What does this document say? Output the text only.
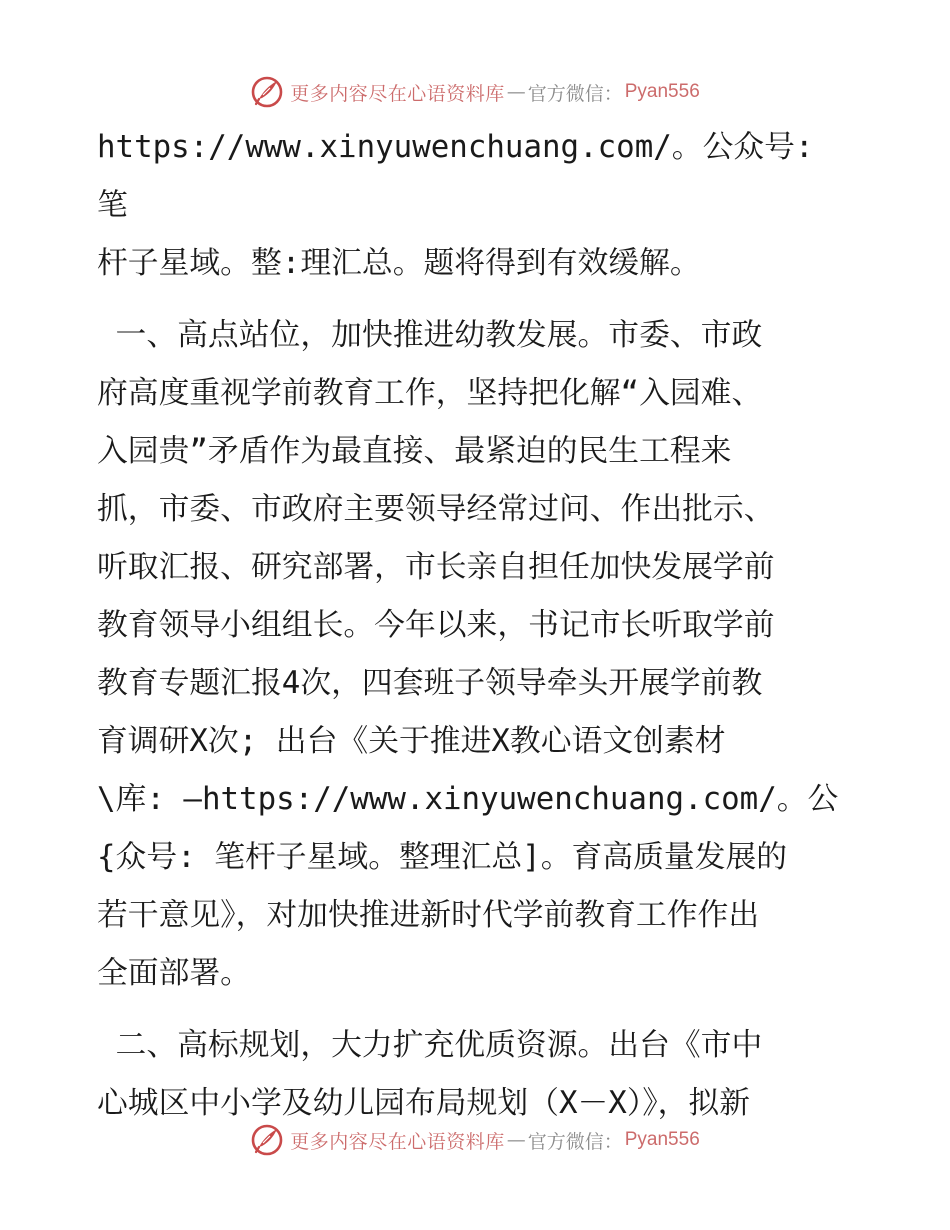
更多内容尽在心语资料库 — 官方微信： Pyan556

https://www.xinyuwenchuang.com/。公众号: 笔
杆子星域。整:理汇总。题将得到有效缓解。

一、高点站位，加快推进幼教发展。市委、市政
府高度重视学前教育工作，坚持把化解“入园难、
入园贵”矛盾作为最直接、最紧迫的民生工程来
抓，市委、市政府主要领导经常过问、作出批示、
听取汇报、研究部署，市长亲自担任加快发展学前
教育领导小组组长。今年以来，书记市长听取学前
教育专题汇报4次，四套班子领导牵头开展学前教
育调研X次; 出台《关于推进X教心语文创素材
\库: —https://www.xinyuwenchuang.com/。公
{众号: 笔杆子星域。整理汇总]。育高质量发展的
若干意见》，对加快推进新时代学前教育工作作出
全面部署。

二、高标规划，大力扩充优质资源。出台《市中
心城区中小学及幼儿园布局规划（X－X）》，拟新

更多内容尽在心语资料库 — 官方微信： Pyan556
